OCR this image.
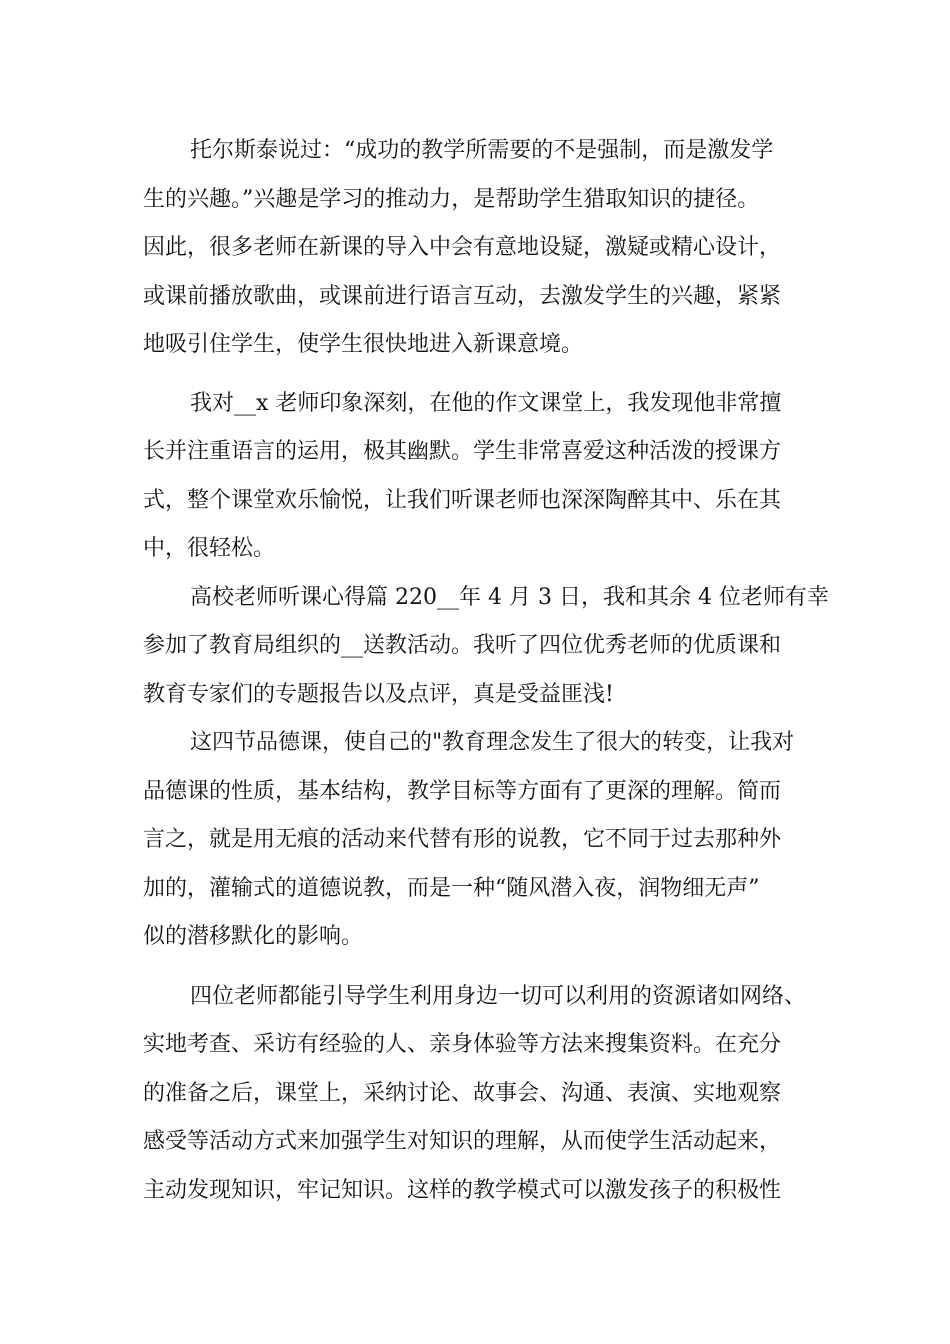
托尔斯泰说过：“成功的教学所需要的不是强制，而是激发学
生的兴趣。”兴趣是学习的推动力，是帮助学生猎取知识的捷径。
因此，很多老师在新课的导入中会有意地设疑，激疑或精心设计，
或课前播放歌曲，或课前进行语言互动，去激发学生的兴趣，紧紧
地吸引住学生，使学生很快地进入新课意境。

我对__x 老师印象深刻，在他的作文课堂上，我发现他非常擅
长并注重语言的运用，极其幽默。学生非常喜爱这种活泼的授课方
式，整个课堂欢乐愉悦，让我们听课老师也深深陶醉其中、乐在其
中，很轻松。

高校老师听课心得篇 220__年 4 月 3 日，我和其余 4 位老师有幸
参加了教育局组织的__送教活动。我听了四位优秀老师的优质课和
教育专家们的专题报告以及点评，真是受益匪浅!

这四节品德课，使自己的"教育理念发生了很大的转变，让我对
品德课的性质，基本结构，教学目标等方面有了更深的理解。简而
言之，就是用无痕的活动来代替有形的说教，它不同于过去那种外
加的，灌输式的道德说教，而是一种“随风潜入夜，润物细无声”
似的潜移默化的影响。

四位老师都能引导学生利用身边一切可以利用的资源诸如网络、
实地考查、采访有经验的人、亲身体验等方法来搜集资料。在充分
的准备之后，课堂上，采纳讨论、故事会、沟通、表演、实地观察
感受等活动方式来加强学生对知识的理解，从而使学生活动起来，
主动发现知识，牢记知识。这样的教学模式可以激发孩子的积极性
